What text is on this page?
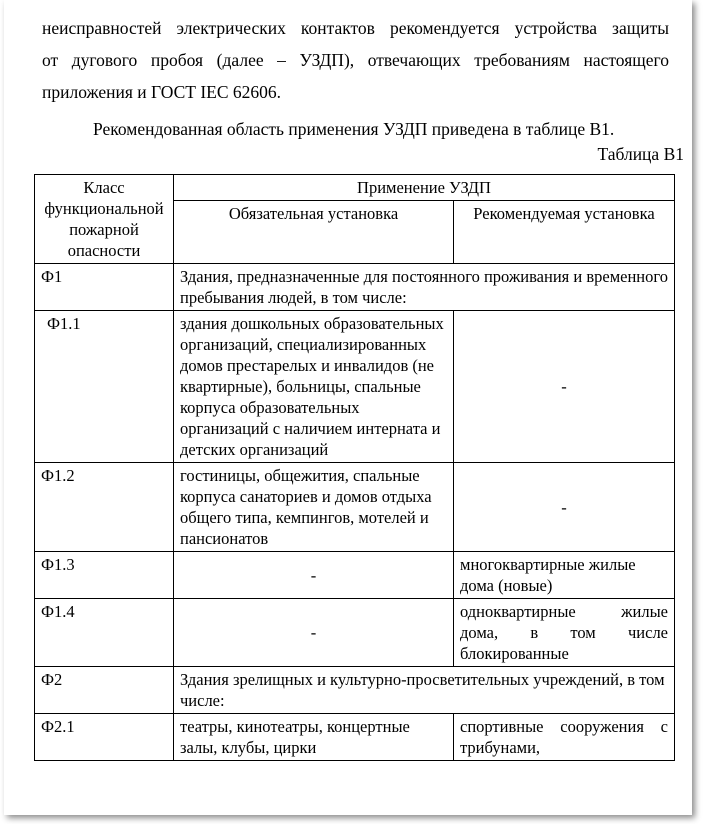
неисправностей электрических контактов рекомендуется устройства защиты
от дугового пробоя (далее – УЗДП), отвечающих требованиям настоящего
приложения и ГОСТ IEC 62606.
Рекомендованная область применения УЗДП приведена в таблице В1.
Таблица В1
Класс функциональной пожарной опасности	Применение УЗДП	
	Обязательная установка	Рекомендуемая установка
Ф1	Здания, предназначенные для постоянного проживания и временного пребывания людей, в том числе:	
Ф1.1	здания дошкольных образовательных организаций, специализированных домов престарелых и инвалидов (не квартирные), больницы, спальные корпуса образовательных организаций с наличием интерната и детских организаций	-
Ф1.2	гостиницы, общежития, спальные корпуса санаториев и домов отдыха общего типа, кемпингов, мотелей и пансионатов	-
Ф1.3	-	многоквартирные жилые дома (новые)
Ф1.4	-	одноквартирные жилые дома, в том числе блокированные
Ф2	Здания зрелищных и культурно-просветительных учреждений, в том числе:	
Ф2.1	театры, кинотеатры, концертные залы, клубы, цирки	спортивные сооружения с трибунами,
